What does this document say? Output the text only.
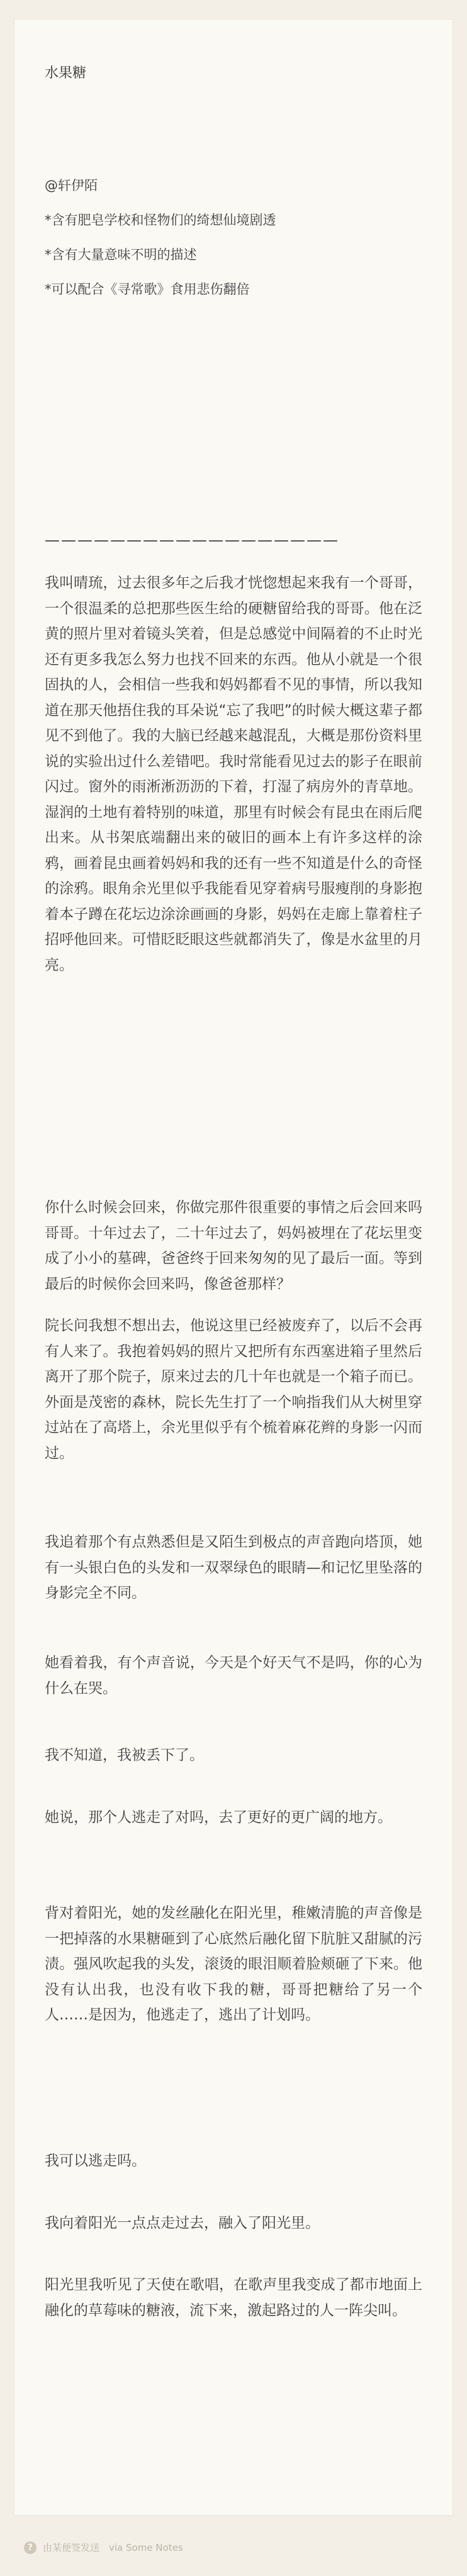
水果糖
@轩伊陌
*含有肥皂学校和怪物们的绮想仙境剧透
*含有大量意味不明的描述
*可以配合《寻常歌》食用悲伤翻倍
——————————————————

我叫晴琉，过去很多年之后我才恍惚想起来我有一个哥哥，一个很温柔的总把那些医生给的硬糖留给我的哥哥。他在泛黄的照片里对着镜头笑着，但是总感觉中间隔着的不止时光还有更多我怎么努力也找不回来的东西。他从小就是一个很固执的人，会相信一些我和妈妈都看不见的事情，所以我知道在那天他捂住我的耳朵说“忘了我吧”的时候大概这辈子都见不到他了。我的大脑已经越来越混乱，大概是那份资料里说的实验出过什么差错吧。我时常能看见过去的影子在眼前闪过。窗外的雨淅淅沥沥的下着，打湿了病房外的青草地。湿润的土地有着特别的味道，那里有时候会有昆虫在雨后爬出来。从书架底端翻出来的破旧的画本上有许多这样的涂鸦，画着昆虫画着妈妈和我的还有一些不知道是什么的奇怪的涂鸦。眼角余光里似乎我能看见穿着病号服瘦削的身影抱着本子蹲在花坛边涂涂画画的身影，妈妈在走廊上靠着柱子招呼他回来。可惜眨眨眼这些就都消失了，像是水盆里的月亮。

你什么时候会回来，你做完那件很重要的事情之后会回来吗哥哥。十年过去了，二十年过去了，妈妈被埋在了花坛里变成了小小的墓碑，爸爸终于回来匆匆的见了最后一面。等到最后的时候你会回来吗，像爸爸那样？

院长问我想不想出去，他说这里已经被废弃了，以后不会再有人来了。我抱着妈妈的照片又把所有东西塞进箱子里然后离开了那个院子，原来过去的几十年也就是一个箱子而已。外面是茂密的森林，院长先生打了一个响指我们从大树里穿过站在了高塔上，余光里似乎有个梳着麻花辫的身影一闪而过。

我追着那个有点熟悉但是又陌生到极点的声音跑向塔顶，她有一头银白色的头发和一双翠绿色的眼睛—和记忆里坠落的身影完全不同。

她看着我，有个声音说，今天是个好天气不是吗，你的心为什么在哭。

我不知道，我被丢下了。

她说，那个人逃走了对吗，去了更好的更广阔的地方。

背对着阳光，她的发丝融化在阳光里，稚嫩清脆的声音像是一把掉落的水果糖砸到了心底然后融化留下肮脏又甜腻的污渍。强风吹起我的头发，滚烫的眼泪顺着脸颊砸了下来。他没有认出我，也没有收下我的糖，哥哥把糖给了另一个人……是因为，他逃走了，逃出了计划吗。

我可以逃走吗。

我向着阳光一点点走过去，融入了阳光里。

阳光里我听见了天使在歌唱，在歌声里我变成了都市地面上融化的草莓味的糖液，流下来，激起路过的人一阵尖叫。

?	由某便签发送　via Some Notes
